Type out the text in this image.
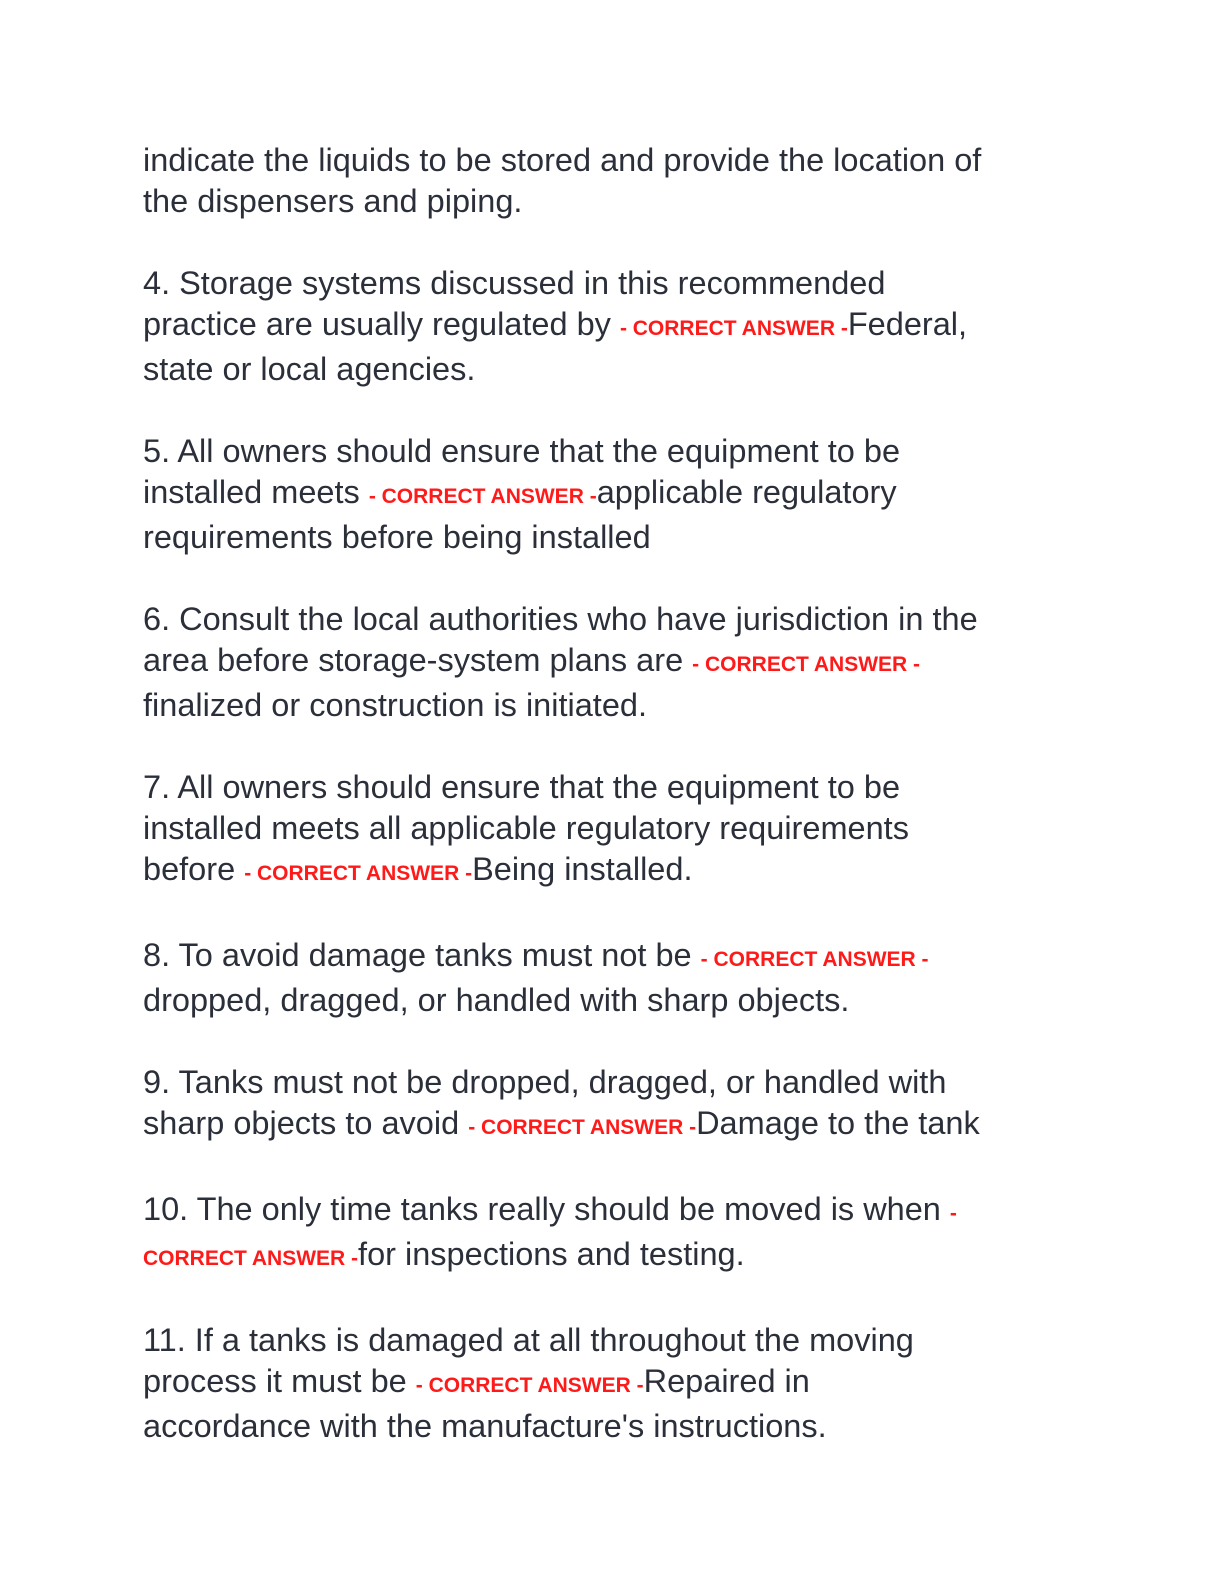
indicate the liquids to be stored and provide the location of
the dispensers and piping.
4. Storage systems discussed in this recommended
practice are usually regulated by - CORRECT ANSWER -Federal,
state or local agencies.
5. All owners should ensure that the equipment to be
installed meets - CORRECT ANSWER -applicable regulatory
requirements before being installed
6. Consult the local authorities who have jurisdiction in the
area before storage-system plans are - CORRECT ANSWER -
finalized or construction is initiated.
7. All owners should ensure that the equipment to be
installed meets all applicable regulatory requirements
before - CORRECT ANSWER -Being installed.
8. To avoid damage tanks must not be - CORRECT ANSWER -
dropped, dragged, or handled with sharp objects.
9. Tanks must not be dropped, dragged, or handled with
sharp objects to avoid - CORRECT ANSWER -Damage to the tank
10. The only time tanks really should be moved is when -
CORRECT ANSWER -for inspections and testing.
11. If a tanks is damaged at all throughout the moving
process it must be - CORRECT ANSWER -Repaired in
accordance with the manufacture's instructions.
